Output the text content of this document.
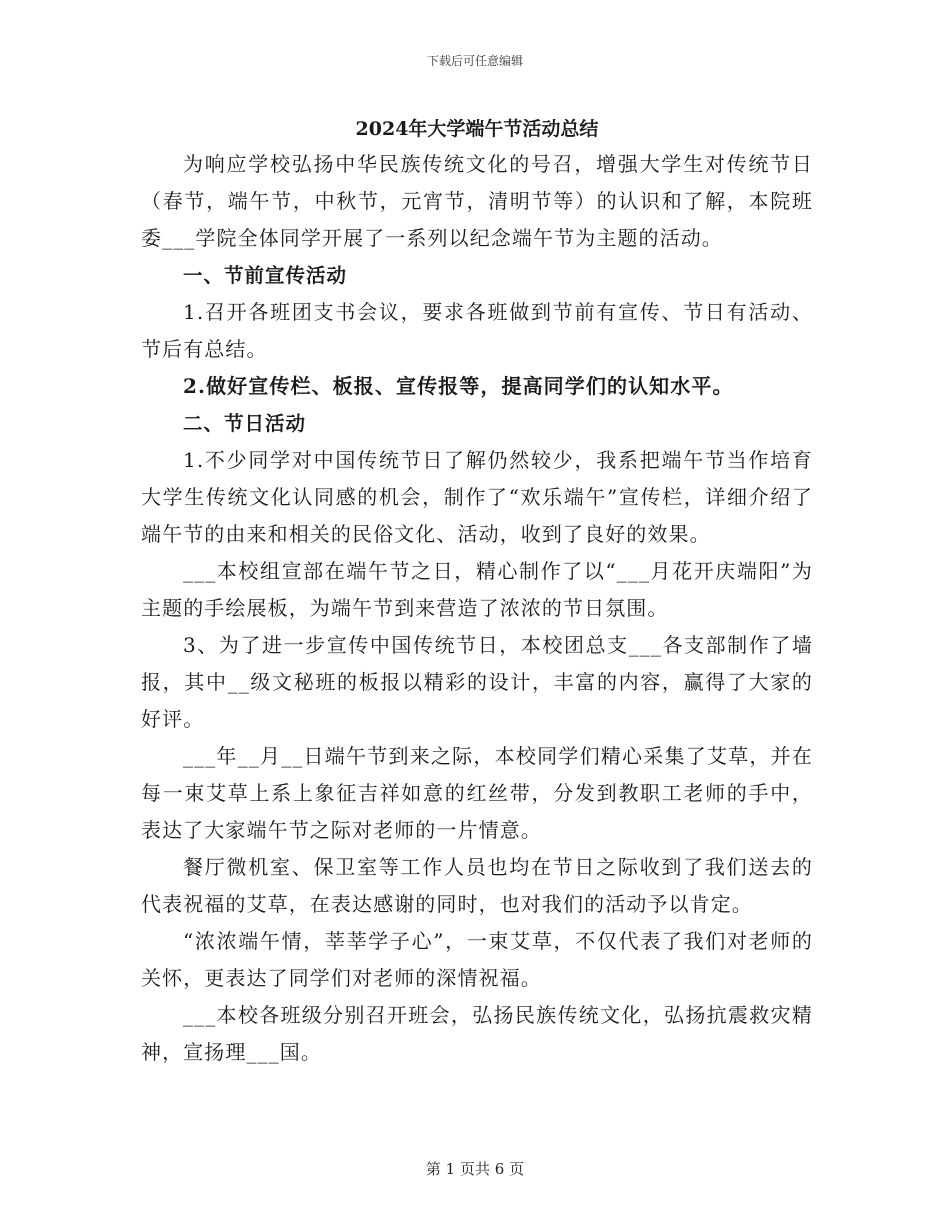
下载后可任意编辑
2024年大学端午节活动总结

为响应学校弘扬中华民族传统文化的号召，增强大学生对传统节日（春节，端午节，中秋节，元宵节，清明节等）的认识和了解，本院班委___学院全体同学开展了一系列以纪念端午节为主题的活动。

一、节前宣传活动

1.召开各班团支书会议，要求各班做到节前有宣传、节日有活动、节后有总结。

2.做好宣传栏、板报、宣传报等，提高同学们的认知水平。

二、节日活动

1.不少同学对中国传统节日了解仍然较少，我系把端午节当作培育大学生传统文化认同感的机会，制作了“欢乐端午”宣传栏，详细介绍了端午节的由来和相关的民俗文化、活动，收到了良好的效果。

___本校组宣部在端午节之日，精心制作了以“___月花开庆端阳”为主题的手绘展板，为端午节到来营造了浓浓的节日氛围。

3、为了进一步宣传中国传统节日，本校团总支___各支部制作了墙报，其中__级文秘班的板报以精彩的设计，丰富的内容，赢得了大家的好评。

___年__月__日端午节到来之际，本校同学们精心采集了艾草，并在每一束艾草上系上象征吉祥如意的红丝带，分发到教职工老师的手中，表达了大家端午节之际对老师的一片情意。

餐厅微机室、保卫室等工作人员也均在节日之际收到了我们送去的代表祝福的艾草，在表达感谢的同时，也对我们的活动予以肯定。

“浓浓端午情，莘莘学子心”，一束艾草，不仅代表了我们对老师的关怀，更表达了同学们对老师的深情祝福。

___本校各班级分别召开班会，弘扬民族传统文化，弘扬抗震救灾精神，宣扬理___国。

第 1 页共 6 页
